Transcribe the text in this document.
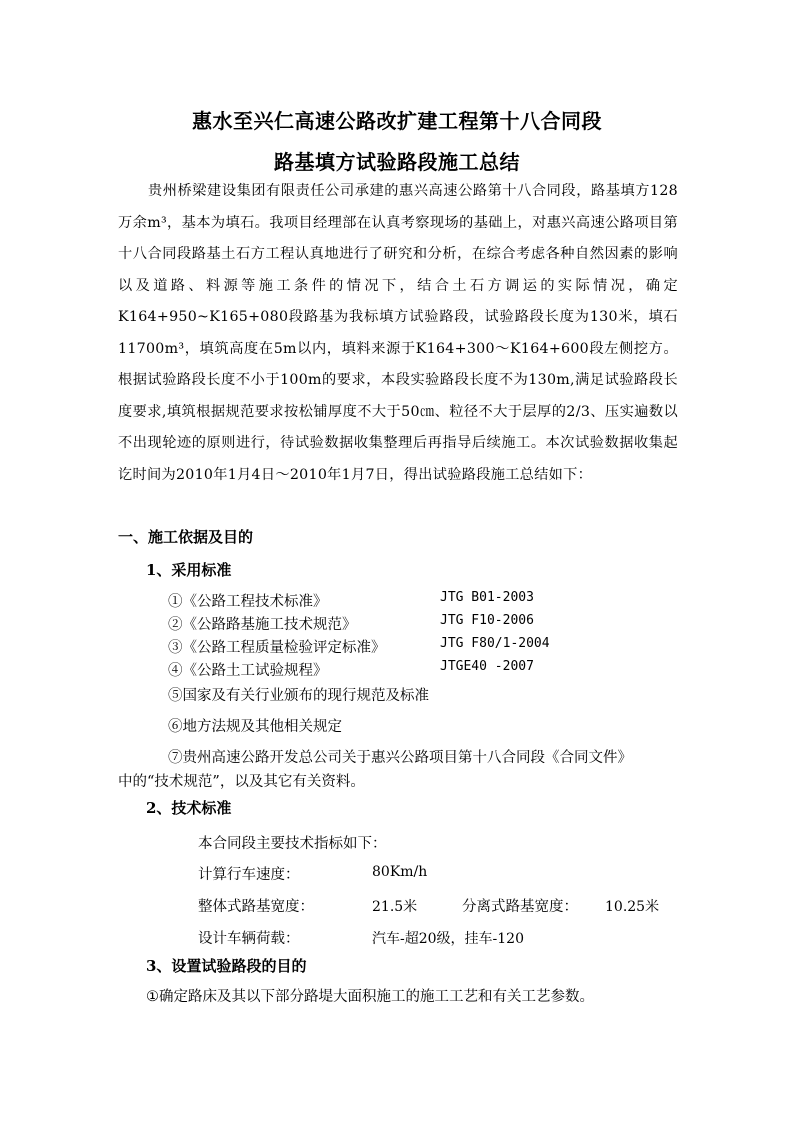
惠水至兴仁高速公路改扩建工程第十八合同段
路基填方试验路段施工总结
贵州桥梁建设集团有限责任公司承建的惠兴高速公路第十八合同段，路基填方128万余m³，基本为填石。我项目经理部在认真考察现场的基础上，对惠兴高速公路项目第十八合同段路基土石方工程认真地进行了研究和分析，在综合考虑各种自然因素的影响以及道路、料源等施工条件的情况下，结合土石方调运的实际情况，确定K164+950~K165+080段路基为我标填方试验路段，试验路段长度为130米，填石11700m³，填筑高度在5m以内，填料来源于K164+300～K164+600段左侧挖方。根据试验路段长度不小于100m的要求，本段实验路段长度不为130m,满足试验路段长度要求,填筑根据规范要求按松铺厚度不大于50㎝、粒径不大于层厚的2/3、压实遍数以不出现轮迹的原则进行，待试验数据收集整理后再指导后续施工。本次试验数据收集起讫时间为2010年1月4日～2010年1月7日，得出试验路段施工总结如下：
一、施工依据及目的
1、采用标准
①《公路工程技术标准》	JTG B01-2003
②《公路路基施工技术规范》	JTG F10-2006
③《公路工程质量检验评定标准》	JTG F80/1-2004
④《公路土工试验规程》	JTGE40 -2007
⑤国家及有关行业颁布的现行规范及标准
⑥地方法规及其他相关规定
⑦贵州高速公路开发总公司关于惠兴公路项目第十八合同段《合同文件》
中的“技术规范”，以及其它有关资料。
2、技术标准
本合同段主要技术指标如下：
计算行车速度：	80Km/h
整体式路基宽度：	21.5米	分离式路基宽度： 10.25米
设计车辆荷载：	汽车-超20级，挂车-120
3、设置试验路段的目的
①确定路床及其以下部分路堤大面积施工的施工工艺和有关工艺参数。
